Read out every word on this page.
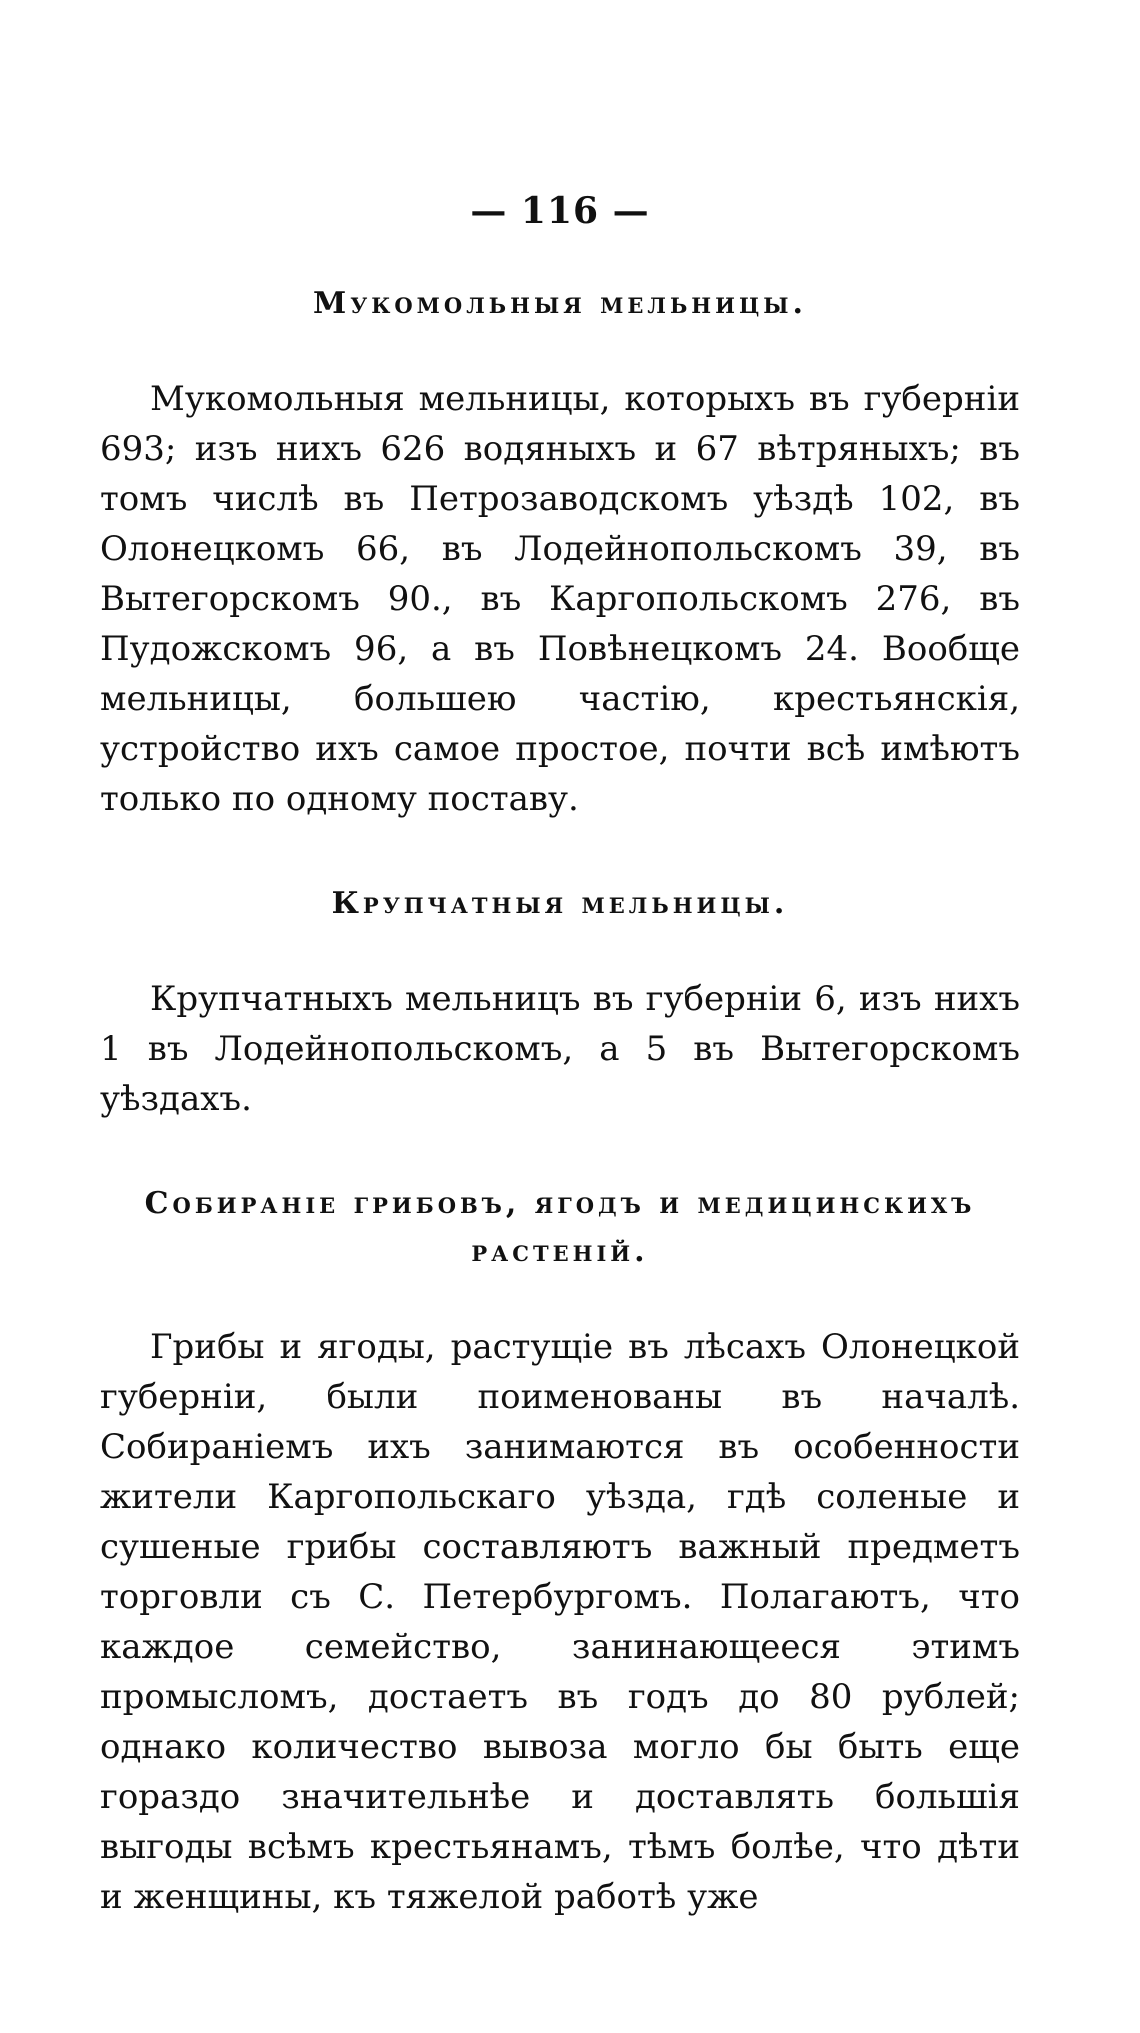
— 116 —
Мукомольныя мельницы.

Мукомольныя мельницы, которыхъ въ губерніи 693; изъ нихъ 626 водяныхъ и 67 вѣтряныхъ; въ томъ числѣ въ Петрозаводскомъ уѣздѣ 102, въ Олонецкомъ 66, въ Лодейнопольскомъ 39, въ Вытегорскомъ 90., въ Каргопольскомъ 276, въ Пудожскомъ 96, а въ Повѣнецкомъ 24. Вообще мельницы, большею частію, крестьянскія, устройство ихъ самое простое, почти всѣ имѣютъ только по одному поставу.

Крупчатныя мельницы.

Крупчатныхъ мельницъ въ губерніи 6, изъ нихъ 1 въ Лодейнопольскомъ, а 5 въ Вытегорскомъ уѣздахъ.

Собираніе грибовъ, ягодъ и медицинскихъ растеній.

Грибы и ягоды, растущіе въ лѣсахъ Олонецкой губерніи, были поименованы въ началѣ. Собираніемъ ихъ занимаются въ особенности жители Каргопольскаго уѣзда, гдѣ соленые и сушеные грибы составляютъ важный предметъ торговли съ С. Петербургомъ. Полагаютъ, что каждое семейство, занинающееся этимъ промысломъ, достаетъ въ годъ до 80 рублей; однако количество вывоза могло бы быть еще гораздо значительнѣе и доставлять большія выгоды всѣмъ крестьянамъ, тѣмъ болѣе, что дѣти и женщины, къ тяжелой работѣ уже
